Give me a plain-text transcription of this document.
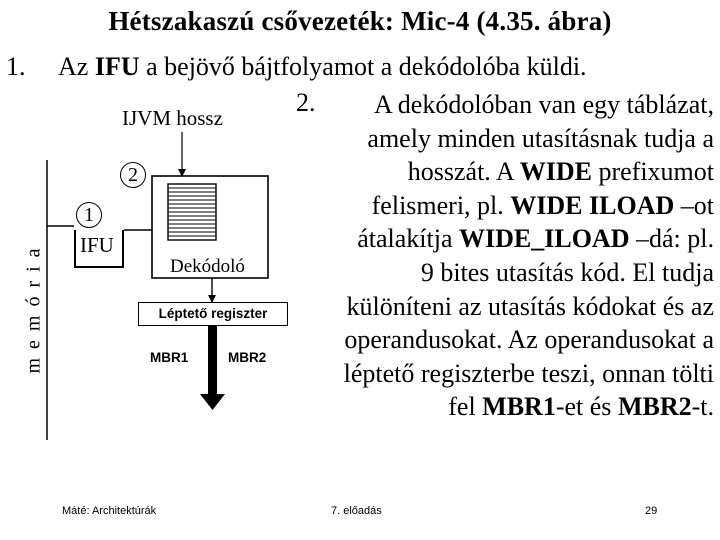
Hétszakaszú csővezeték: Mic-4 (4.35. ábra)
1. Az IFU a bejövő bájtfolyamot a dekódolóba küldi.
2.	A dekódolóban van egy táblázat, amely minden utasításnak tudja a hosszát. A WIDE prefixumot felismeri, pl. WIDE ILOAD –ot átalakítja WIDE_ILOAD –dá: pl. 9 bites utasítás kód. El tudja különíteni az utasítás kódokat és az operandusokat. Az operandusokat a léptető regiszterbe teszi, onnan tölti fel MBR1-et és MBR2-t.
memória
IJVM hossz
2
1
IFU
Dekódoló
Léptető regiszter
MBR1	MBR2
Máté: Architektúrák	7. előadás	29
